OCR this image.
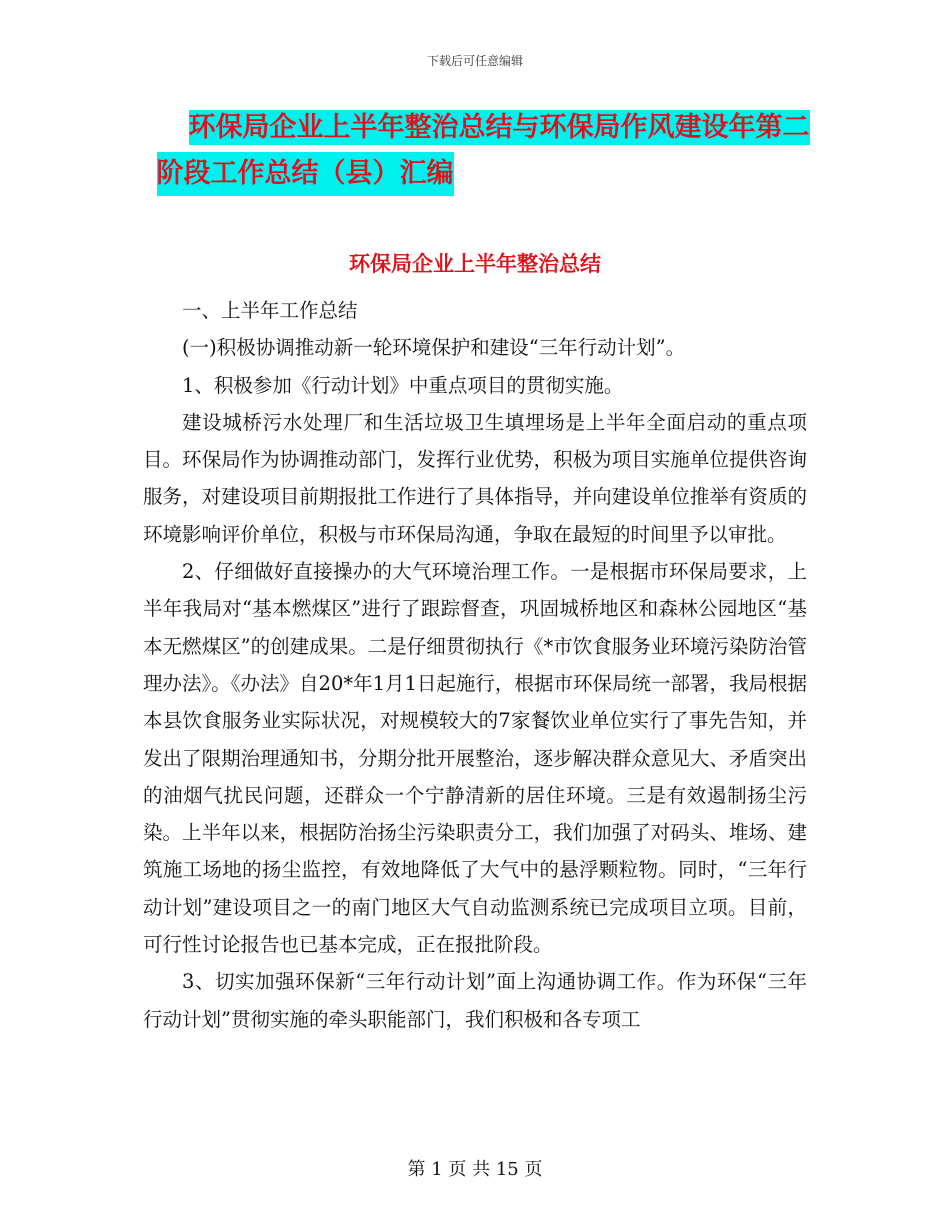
下载后可任意编辑
环保局企业上半年整治总结与环保局作风建设年第二
阶段工作总结（县）汇编
环保局企业上半年整治总结

一、上半年工作总结

(一)积极协调推动新一轮环境保护和建设“三年行动计划”。

1、积极参加《行动计划》中重点项目的贯彻实施。

建设城桥污水处理厂和生活垃圾卫生填埋场是上半年全面启动的重点项目。环保局作为协调推动部门，发挥行业优势，积极为项目实施单位提供咨询服务，对建设项目前期报批工作进行了具体指导，并向建设单位推举有资质的环境影响评价单位，积极与市环保局沟通，争取在最短的时间里予以审批。

2、仔细做好直接操办的大气环境治理工作。一是根据市环保局要求，上半年我局对“基本燃煤区”进行了跟踪督查，巩固城桥地区和森林公园地区“基本无燃煤区”的创建成果。二是仔细贯彻执行《*市饮食服务业环境污染防治管理办法》。《办法》自20*年1月1日起施行，根据市环保局统一部署，我局根据本县饮食服务业实际状况，对规模较大的7家餐饮业单位实行了事先告知，并发出了限期治理通知书，分期分批开展整治，逐步解决群众意见大、矛盾突出的油烟气扰民问题，还群众一个宁静清新的居住环境。三是有效遏制扬尘污染。上半年以来，根据防治扬尘污染职责分工，我们加强了对码头、堆场、建筑施工场地的扬尘监控，有效地降低了大气中的悬浮颗粒物。同时，“三年行动计划”建设项目之一的南门地区大气自动监测系统已完成项目立项。目前，可行性讨论报告也已基本完成，正在报批阶段。

3、切实加强环保新“三年行动计划”面上沟通协调工作。作为环保“三年行动计划”贯彻实施的牵头职能部门，我们积极和各专项工

第 1 页 共 15 页
